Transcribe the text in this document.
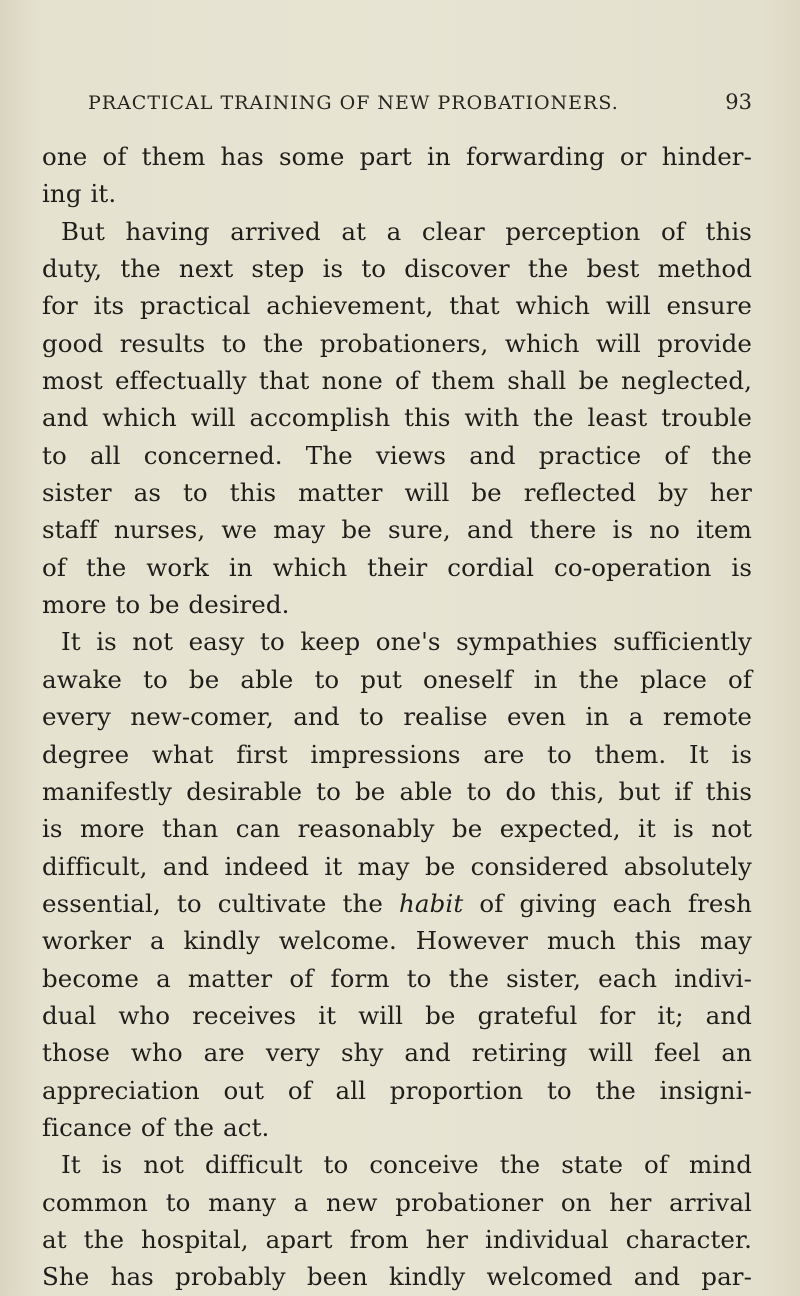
PRACTICAL TRAINING OF NEW PROBATIONERS.	93
one of them has some part in forwarding or hinder-
ing it.
But having arrived at a clear perception of this
duty, the next step is to discover the best method
for its practical achievement, that which will ensure
good results to the probationers, which will provide
most effectually that none of them shall be neglected,
and which will accomplish this with the least trouble
to all concerned. The views and practice of the
sister as to this matter will be reflected by her
staff nurses, we may be sure, and there is no item
of the work in which their cordial co-operation is
more to be desired.
It is not easy to keep one's sympathies sufficiently
awake to be able to put oneself in the place of
every new-comer, and to realise even in a remote
degree what first impressions are to them. It is
manifestly desirable to be able to do this, but if this
is more than can reasonably be expected, it is not
difficult, and indeed it may be considered absolutely
essential, to cultivate the habit of giving each fresh
worker a kindly welcome. However much this may
become a matter of form to the sister, each indivi-
dual who receives it will be grateful for it; and
those who are very shy and retiring will feel an
appreciation out of all proportion to the insigni-
ficance of the act.
It is not difficult to conceive the state of mind
common to many a new probationer on her arrival
at the hospital, apart from her individual character.
She has probably been kindly welcomed and par-
